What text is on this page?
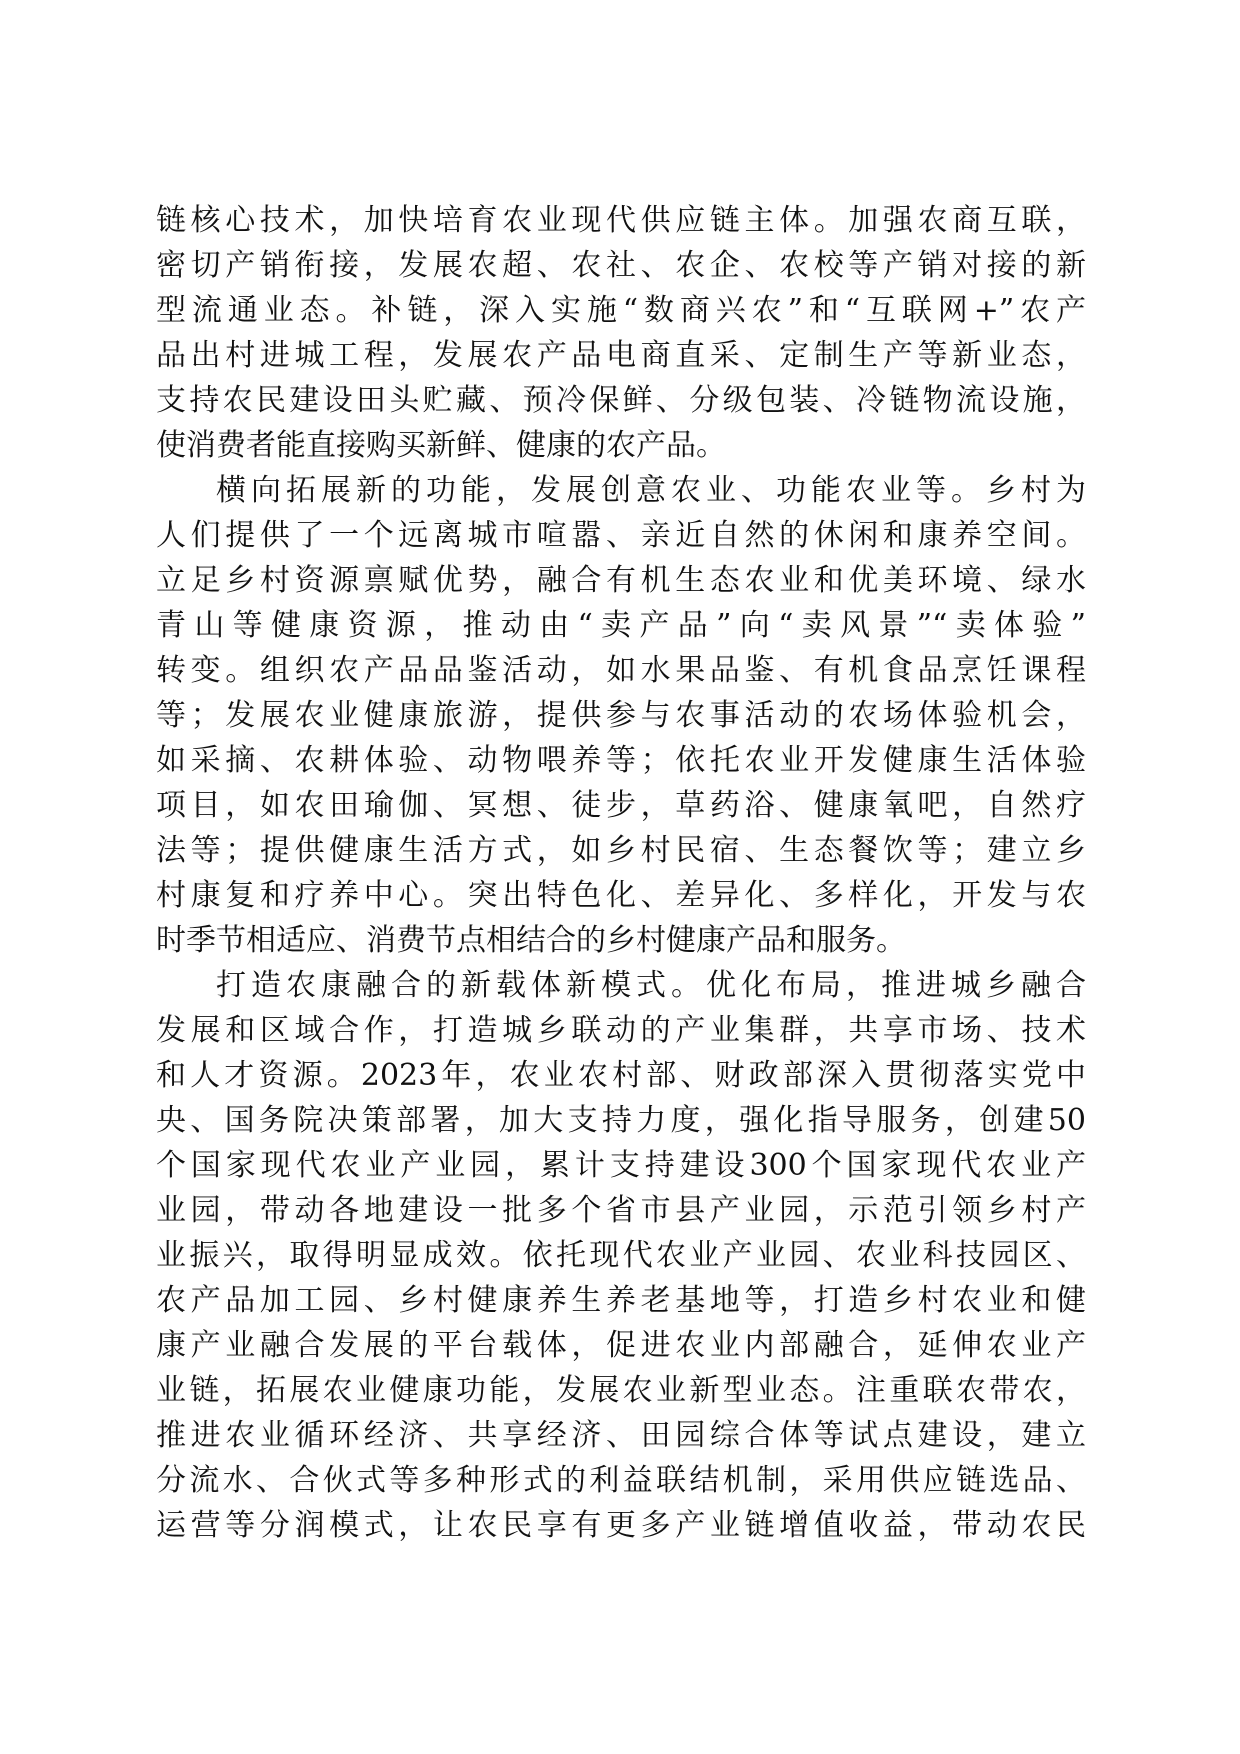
链核心技术，加快培育农业现代供应链主体。加强农商互联，
密切产销衔接，发展农超、农社、农企、农校等产销对接的新
型流通业态。补链，深入实施“数商兴农”和“互联网+”农产
品出村进城工程，发展农产品电商直采、定制生产等新业态，
支持农民建设田头贮藏、预冷保鲜、分级包装、冷链物流设施，
使消费者能直接购买新鲜、健康的农产品。
横向拓展新的功能，发展创意农业、功能农业等。乡村为
人们提供了一个远离城市喧嚣、亲近自然的休闲和康养空间。
立足乡村资源禀赋优势，融合有机生态农业和优美环境、绿水
青山等健康资源，推动由“卖产品”向“卖风景”“卖体验”
转变。组织农产品品鉴活动，如水果品鉴、有机食品烹饪课程
等；发展农业健康旅游，提供参与农事活动的农场体验机会，
如采摘、农耕体验、动物喂养等；依托农业开发健康生活体验
项目，如农田瑜伽、冥想、徒步，草药浴、健康氧吧，自然疗
法等；提供健康生活方式，如乡村民宿、生态餐饮等；建立乡
村康复和疗养中心。突出特色化、差异化、多样化，开发与农
时季节相适应、消费节点相结合的乡村健康产品和服务。
打造农康融合的新载体新模式。优化布局，推进城乡融合
发展和区域合作，打造城乡联动的产业集群，共享市场、技术
和人才资源。2023年，农业农村部、财政部深入贯彻落实党中
央、国务院决策部署，加大支持力度，强化指导服务，创建50
个国家现代农业产业园，累计支持建设300个国家现代农业产
业园，带动各地建设一批多个省市县产业园，示范引领乡村产
业振兴，取得明显成效。依托现代农业产业园、农业科技园区、
农产品加工园、乡村健康养生养老基地等，打造乡村农业和健
康产业融合发展的平台载体，促进农业内部融合，延伸农业产
业链，拓展农业健康功能，发展农业新型业态。注重联农带农，
推进农业循环经济、共享经济、田园综合体等试点建设，建立
分流水、合伙式等多种形式的利益联结机制，采用供应链选品、
运营等分润模式，让农民享有更多产业链增值收益，带动农民
